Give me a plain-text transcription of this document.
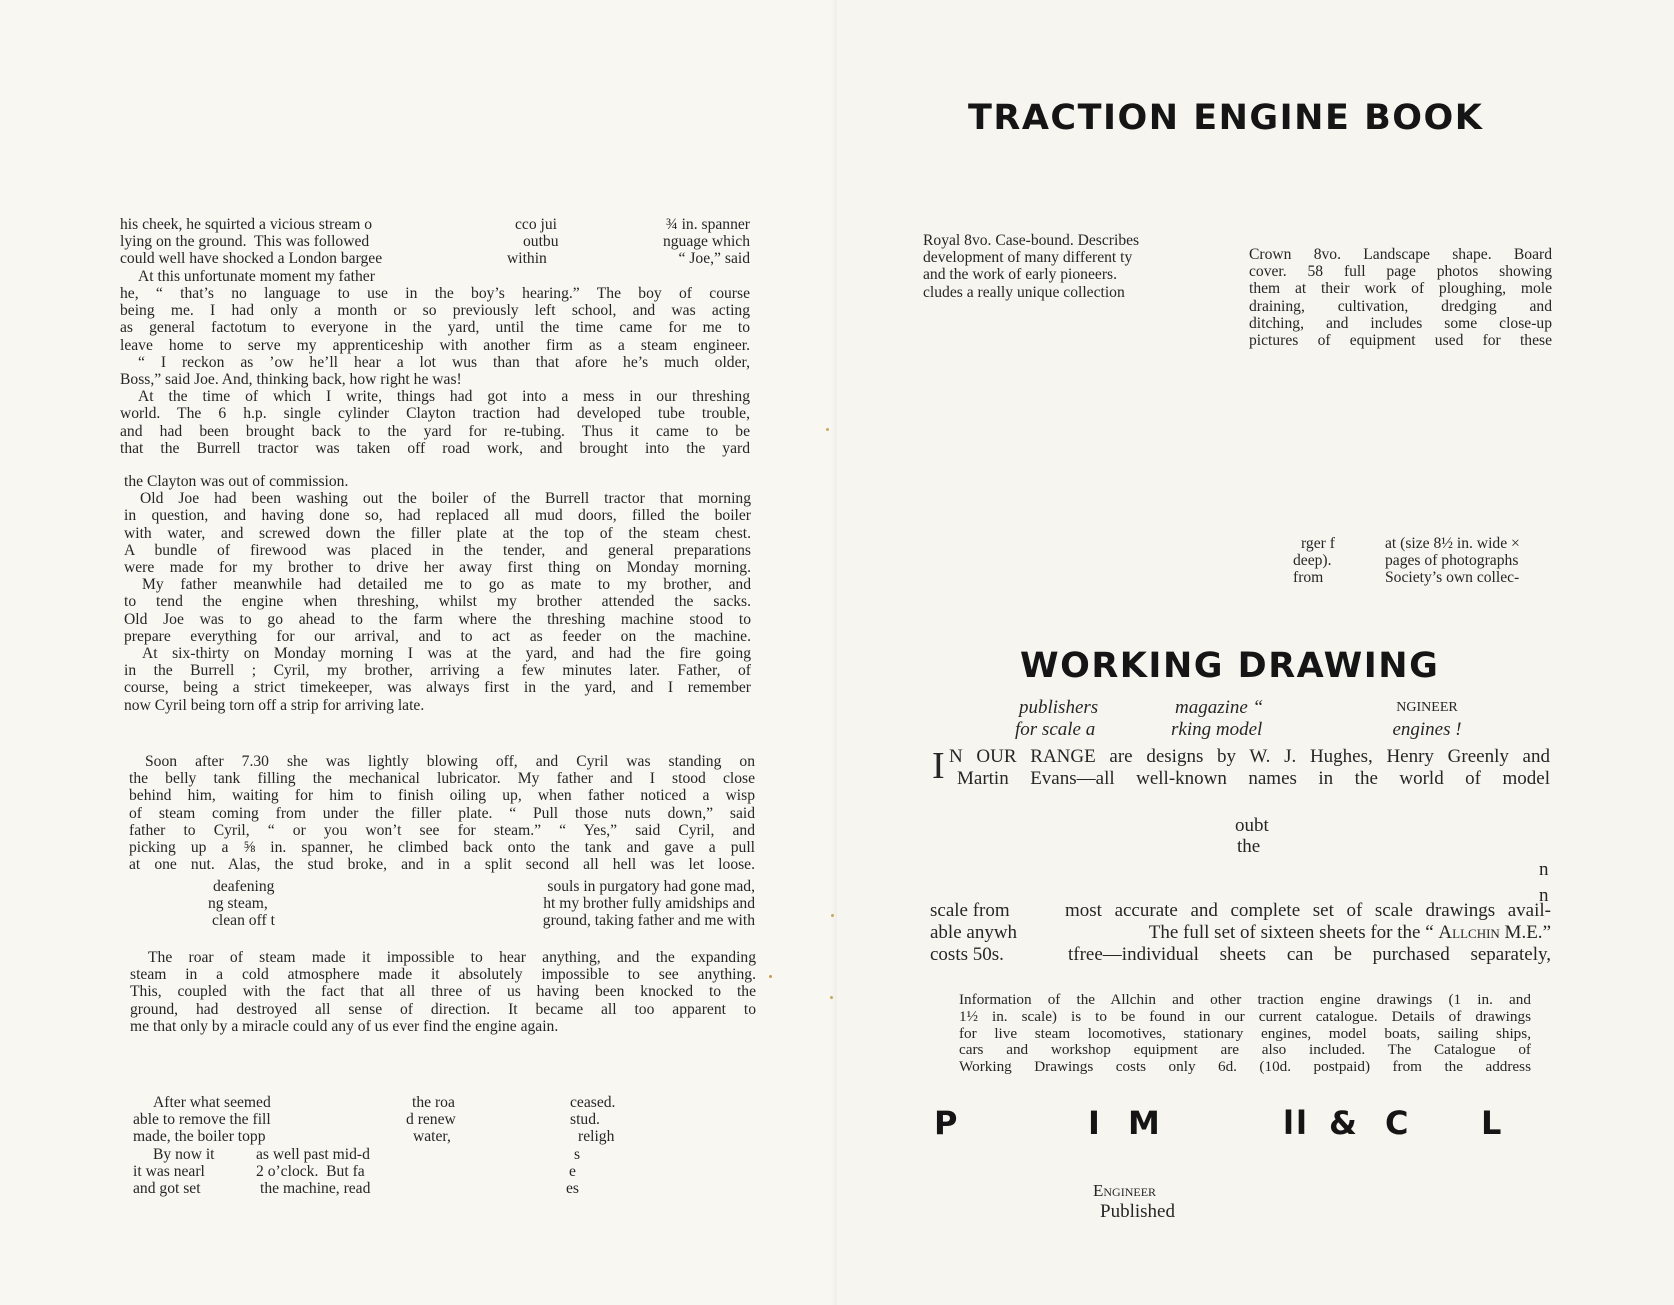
his cheek, he squirted a vicious stream o
lying on the ground.  This was followed
could well have shocked a London bargee
At this unfortunate moment my father
cco jui
outbu
within
¾ in. spanner
nguage which
“ Joe,” said
he, “ that’s no language to use in the boy’s hearing.” The boy of course
being me. I had only a month or so previously left school, and was acting
as general factotum to everyone in the yard, until the time came for me to
leave home to serve my apprenticeship with another firm as a steam engineer.
“ I reckon as ’ow he’ll hear a lot wus than that afore he’s much older,
Boss,” said Joe. And, thinking back, how right he was!
At the time of which I write, things had got into a mess in our threshing
world. The 6 h.p. single cylinder Clayton traction had developed tube trouble,
and had been brought back to the yard for re-tubing. Thus it came to be
that the Burrell tractor was taken off road work, and brought into the yard
the Clayton was out of commission.
Old Joe had been washing out the boiler of the Burrell tractor that morning
in question, and having done so, had replaced all mud doors, filled the boiler
with water, and screwed down the filler plate at the top of the steam chest.
A bundle of firewood was placed in the tender, and general preparations
were made for my brother to drive her away first thing on Monday morning.
My father meanwhile had detailed me to go as mate to my brother, and
to tend the engine when threshing, whilst my brother attended the sacks.
Old Joe was to go ahead to the farm where the threshing machine stood to
prepare everything for our arrival, and to act as feeder on the machine.
At six-thirty on Monday morning I was at the yard, and had the fire going
in the Burrell ; Cyril, my brother, arriving a few minutes later. Father, of
course, being a strict timekeeper, was always first in the yard, and I remember
now Cyril being torn off a strip for arriving late.
Soon after 7.30 she was lightly blowing off, and Cyril was standing on
the belly tank filling the mechanical lubricator. My father and I stood close
behind him, waiting for him to finish oiling up, when father noticed a wisp
of steam coming from under the filler plate. “ Pull those nuts down,” said
father to Cyril, “ or you won’t see for steam.” “ Yes,” said Cyril, and
picking up a ⅝ in. spanner, he climbed back onto the tank and gave a pull
at one nut. Alas, the stud broke, and in a split second all hell was let loose.
deafening
ng steam,
clean off t
souls in purgatory had gone mad,
ht my brother fully amidships and
ground, taking father and me with
The roar of steam made it impossible to hear anything, and the expanding
steam in a cold atmosphere made it absolutely impossible to see anything.
This, coupled with the fact that all three of us having been knocked to the
ground, had destroyed all sense of direction. It became all too apparent to
me that only by a miracle could any of us ever find the engine again.
After what seemed
able to remove the fill
made, the boiler topp
By now it
it was nearl
and got set
the roa
d renew
water,
as well past mid-d
2 o’clock.  But fa
the machine, read
ceased.
stud.
religh
s
e
es
TRACTION ENGINE BOOK
Royal 8vo. Case-bound. Describes
development of many different ty
and the work of early pioneers.
cludes a really unique collection
Crown 8vo. Landscape shape. Board
cover. 58 full page photos showing
them at their work of ploughing, mole
draining, cultivation, dredging and
ditching, and includes some close-up
pictures of equipment used for these
rger f
deep).
from
at (size 8½ in. wide ×
pages of photographs
Society’s own collec-
WORKING DRAWING
publishers
for scale a
magazine “
rking model
NGINEER
engines !
I N OUR RANGE are designs by W. J. Hughes, Henry Greenly and
Martin Evans—all well-known names in the world of model
oubt
the
n
n
scale from
able anywh
costs 50s.
most accurate and complete set of scale drawings avail-
The full set of sixteen sheets for the “ Allchin M.E.”
tfree—individual sheets can be purchased separately,
Information of the Allchin and other traction engine drawings (1 in. and
1½ in. scale) is to be found in our current catalogue. Details of drawings
for live steam locomotives, stationary engines, model boats, sailing ships,
cars and workshop equipment are also included. The Catalogue of
Working Drawings costs only 6d. (10d. postpaid) from the address
P	I M	ll & C L
Engineer
Published
